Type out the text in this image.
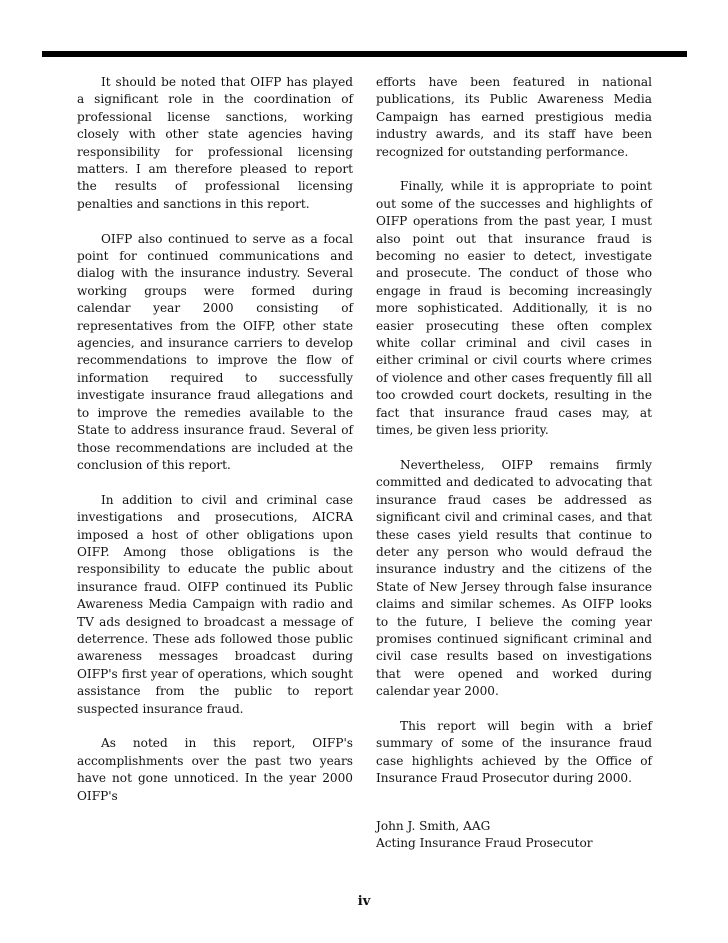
It should be noted that OIFP has played a significant role in the coordination of professional license sanctions, working closely with other state agencies having responsibility for professional licensing matters. I am therefore pleased to report the results of professional licensing penalties and sanctions in this report.

OIFP also continued to serve as a focal point for continued communications and dialog with the insurance industry. Several working groups were formed during calendar year 2000 consisting of representatives from the OIFP, other state agencies, and insurance carriers to develop recommendations to improve the flow of information required to successfully investigate insurance fraud allegations and to improve the remedies available to the State to address insurance fraud. Several of those recommendations are included at the conclusion of this report.

In addition to civil and criminal case investigations and prosecutions, AICRA imposed a host of other obligations upon OIFP. Among those obligations is the responsibility to educate the public about insurance fraud. OIFP continued its Public Awareness Media Campaign with radio and TV ads designed to broadcast a message of deterrence. These ads followed those public awareness messages broadcast during OIFP's first year of operations, which sought assistance from the public to report suspected insurance fraud.

As noted in this report, OIFP's accomplishments over the past two years have not gone unnoticed. In the year 2000 OIFP's

efforts have been featured in national publications, its Public Awareness Media Campaign has earned prestigious media industry awards, and its staff have been recognized for outstanding performance.

Finally, while it is appropriate to point out some of the successes and highlights of OIFP operations from the past year, I must also point out that insurance fraud is becoming no easier to detect, investigate and prosecute. The conduct of those who engage in fraud is becoming increasingly more sophisticated. Additionally, it is no easier prosecuting these often complex white collar criminal and civil cases in either criminal or civil courts where crimes of violence and other cases frequently fill all too crowded court dockets, resulting in the fact that insurance fraud cases may, at times, be given less priority.

Nevertheless, OIFP remains firmly committed and dedicated to advocating that insurance fraud cases be addressed as significant civil and criminal cases, and that these cases yield results that continue to deter any person who would defraud the insurance industry and the citizens of the State of New Jersey through false insurance claims and similar schemes. As OIFP looks to the future, I believe the coming year promises continued significant criminal and civil case results based on investigations that were opened and worked during calendar year 2000.

This report will begin with a brief summary of some of the insurance fraud case highlights achieved by the Office of Insurance Fraud Prosecutor during 2000.

John J. Smith, AAG
Acting Insurance Fraud Prosecutor
iv
